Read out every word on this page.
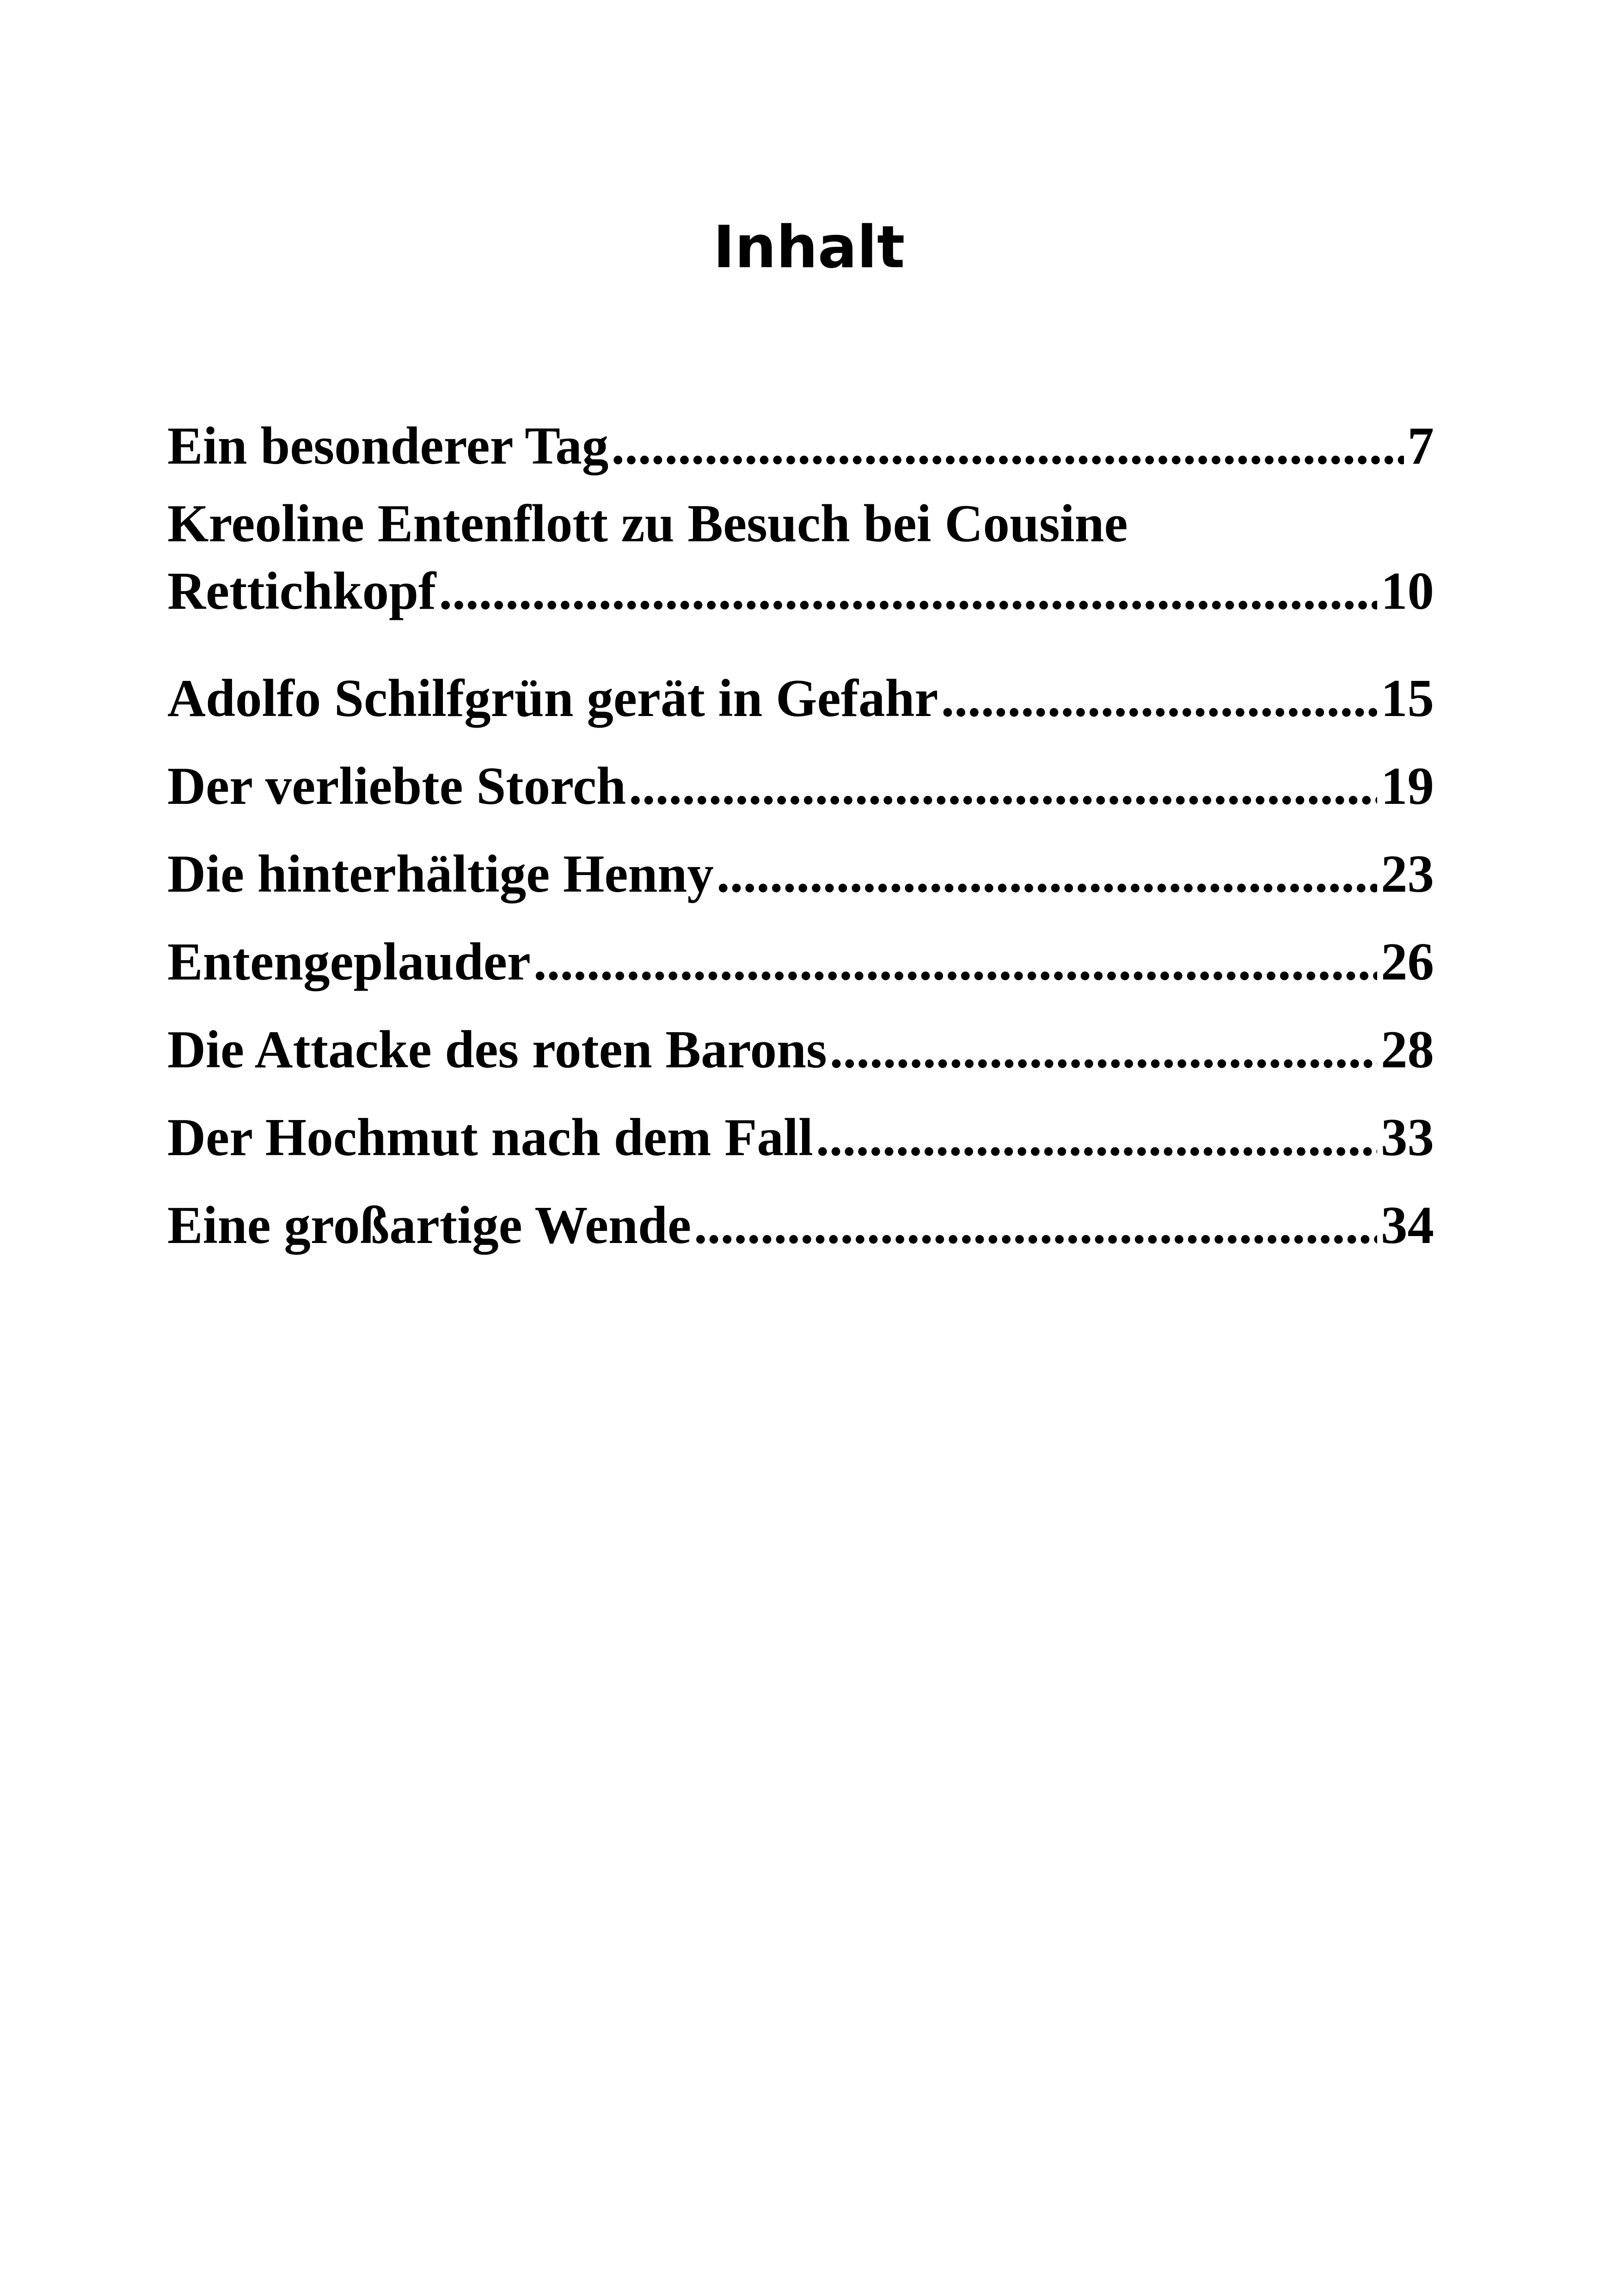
Inhalt
Ein besonderer Tag .....	7
Kreoline Entenflott zu Besuch bei Cousine
Rettichkopf .....	10
Adolfo Schilfgrün gerät in Gefahr .....	15
Der verliebte Storch .....	19
Die hinterhältige Henny .....	23
Entengeplauder .....	26
Die Attacke des roten Barons .....	28
Der Hochmut nach dem Fall .....	33
Eine großartige Wende .....	34
